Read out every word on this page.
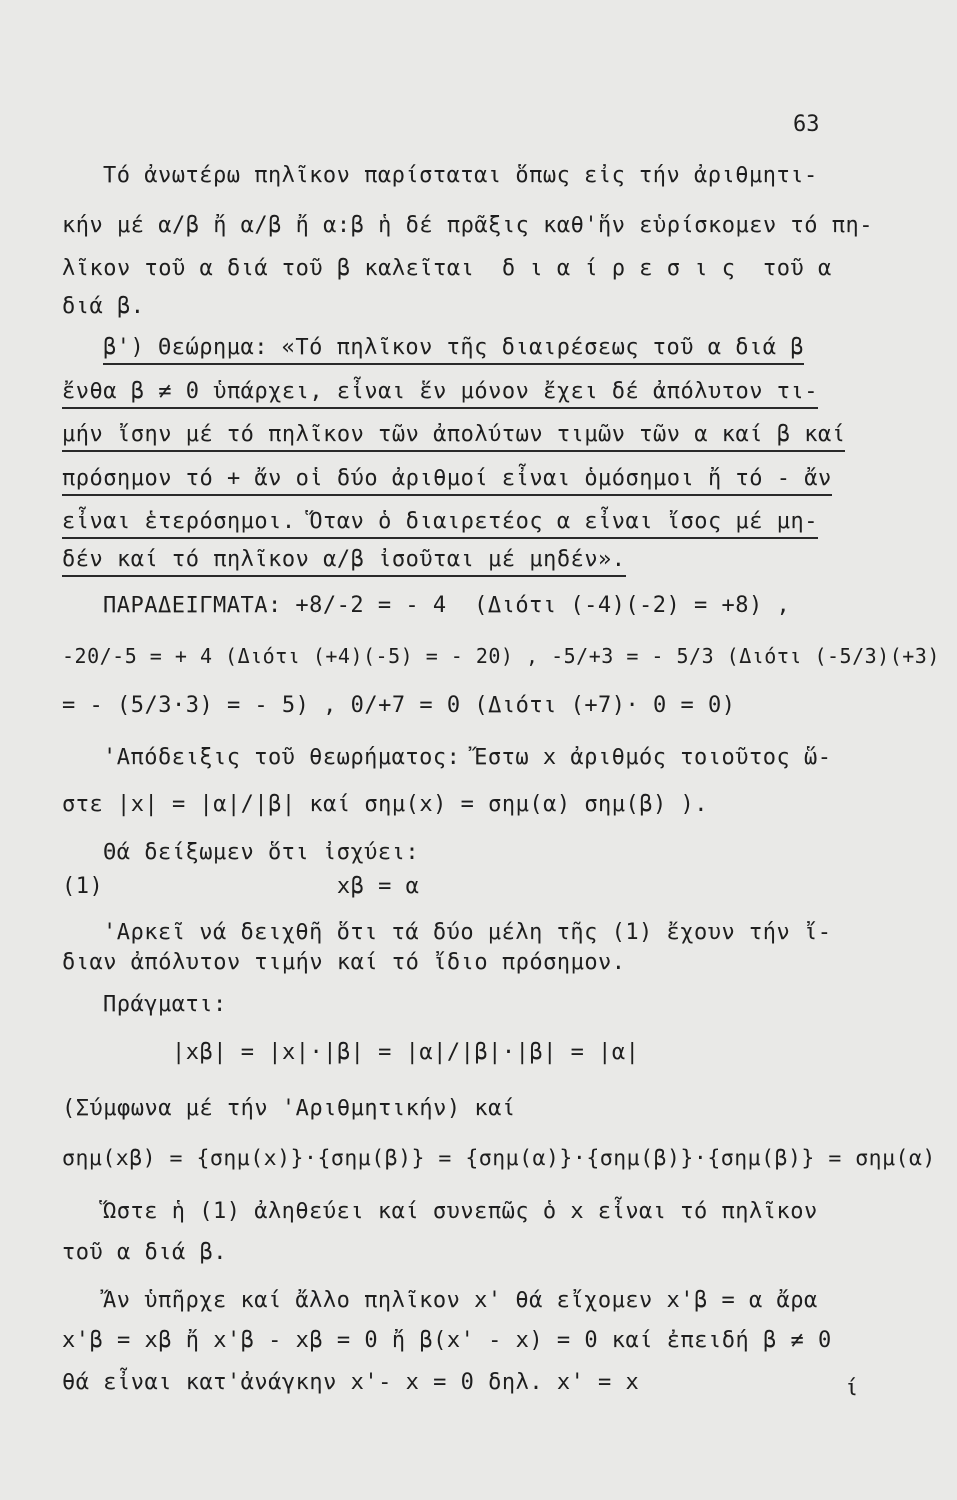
63
Τό ἀνωτέρω πηλῖκον παρίσταται ὅπως εἰς τήν ἀριθμητι-
κήν μέ α/β ἤ α/β ἤ α:β ἡ δέ πρᾶξις καθ'ἥν εὑρίσκομεν τό πη-
λῖκον τοῦ α διά τοῦ β καλεῖται  δ ι α ί ρ ε σ ι ς  τοῦ α
διά β.
β') Θεώρημα: «Τό πηλῖκον τῆς διαιρέσεως τοῦ α διά β
ἔνθα β ≠ 0 ὑπάρχει, εἶναι ἕν μόνον ἔχει δέ ἀπόλυτον τι-
μήν ἴσην μέ τό πηλῖκον τῶν ἀπολύτων τιμῶν τῶν α καί β καί
πρόσημον τό + ἄν οἱ δύο ἀριθμοί εἶναι ὁμόσημοι ἤ τό - ἄν
εἶναι ἑτερόσημοι. Ὅταν ὁ διαιρετέος α εἶναι ἴσος μέ μη-
δέν καί τό πηλῖκον α/β ἰσοῦται μέ μηδέν».
ΠΑΡΑΔΕΙΓΜΑΤΑ: +8/-2 = - 4  (Διότι (-4)(-2) = +8) ,
-20/-5 = + 4 (Διότι (+4)(-5) = - 20) , -5/+3 = - 5/3 (Διότι (-5/3)(+3)
= - (5/3·3) = - 5) , 0/+7 = 0 (Διότι (+7)· 0 = 0)
'Απόδειξις τοῦ θεωρήματος: Ἔστω x ἀριθμός τοιοῦτος ὥ-
στε |x| = |α|/|β| καί σημ(x) = σημ(α) σημ(β) ).
Θά δείξωμεν ὅτι ἰσχύει:
(1)                 xβ = α
'Αρκεῖ νά δειχθῆ ὅτι τά δύο μέλη τῆς (1) ἔχουν τήν ἴ-
διαν ἀπόλυτον τιμήν καί τό ἴδιο πρόσημον.
Πράγματι:
|xβ| = |x|·|β| = |α|/|β|·|β| = |α|
(Σύμφωνα μέ τήν 'Αριθμητικήν) καί
σημ(xβ) = {σημ(x)}·{σημ(β)} = {σημ(α)}·{σημ(β)}·{σημ(β)} = σημ(α)
Ὥστε ἡ (1) ἀληθεύει καί συνεπῶς ὁ x εἶναι τό πηλῖκον
τοῦ α διά β.
Ἄν ὑπῆρχε καί ἄλλο πηλῖκον x' θά εἴχομεν x'β = α ἄρα
x'β = xβ ἤ x'β - xβ = 0 ἤ β(x' - x) = 0 καί ἐπειδή β ≠ 0
θά εἶναι κατ'ἀνάγκην x'- x = 0 δηλ. x' = x	ί
